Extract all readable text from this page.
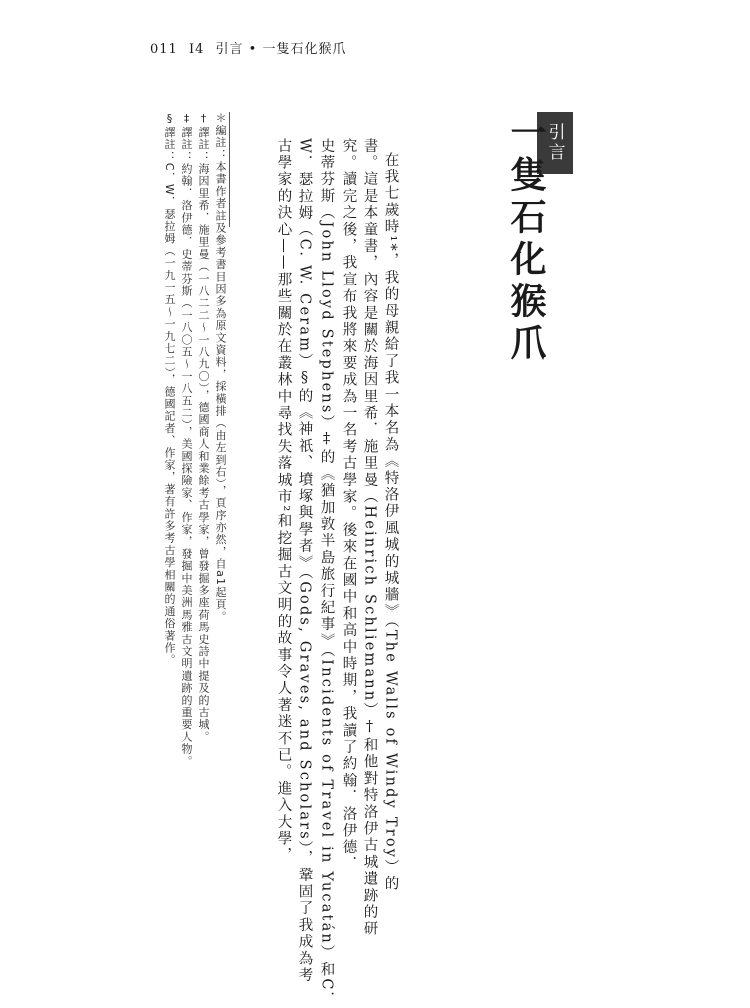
011 I4 引言 • 一隻石化猴爪
引言
一隻石化猴爪
在我七歲時¹*，我的母親給了我一本名為《特洛伊風城的城牆》（The Walls of Windy Troy）的
書。這是本童書，內容是關於海因里希．施里曼（Heinrich Schliemann）†和他對特洛伊古城遺跡的研
究。讀完之後，我宣布我將來要成為一名考古學家。後來在國中和高中時期，我讀了約翰．洛伊德．
史蒂芬斯（John Lloyd Stephens）‡的《猶加敦半島旅行紀事》（Incidents of Travel in Yucatán）和C．
W．瑟拉姆（C. W. Ceram）§的《神祇、墳塚與學者》（Gods, Graves, and Scholars），鞏固了我成為考
古學家的決心——那些關於在叢林中尋找失落城市²和挖掘古文明的故事令人著迷不已。進入大學，
＊編註：本書作者註及參考書目因多為原文資料，採橫排（由左到右），頁序亦然，自a1起頁。
†譯註：海因里希．施里曼（一八二二～一八九〇），德國商人和業餘考古學家，曾發掘多座荷馬史詩中提及的古城。
‡譯註：約翰．洛伊德．史蒂芬斯（一八〇五～一八五二），美國探險家、作家，發掘中美洲馬雅古文明遺跡的重要人物。
§譯註：C．W．瑟拉姆（一九一五～一九七二），德國記者、作家，著有許多考古學相關的通俗著作。
